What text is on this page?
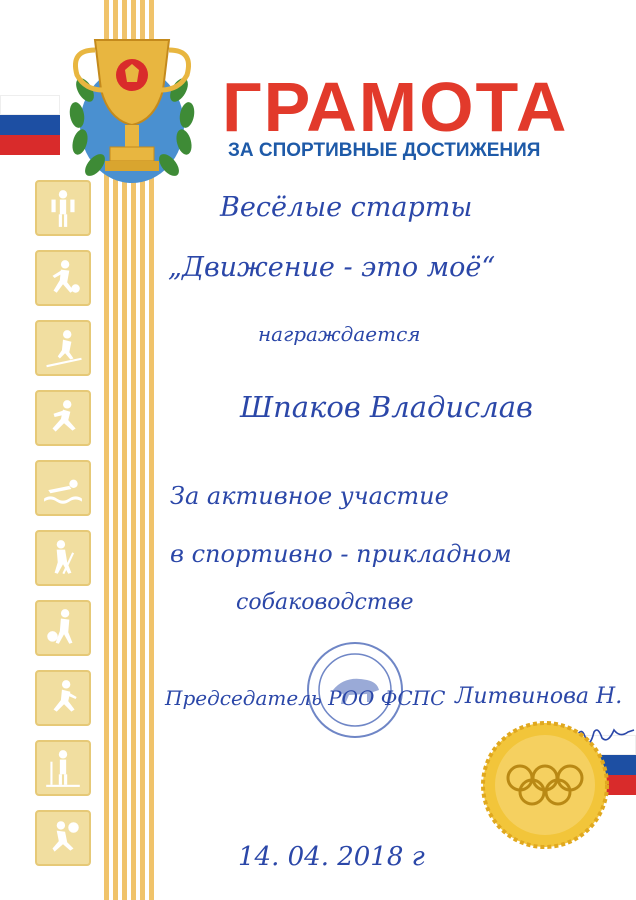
ГРАМОТА
ЗА СПОРТИВНЫЕ ДОСТИЖЕНИЯ
Весёлые старты
„Движение - это моё“
награждается
Шпаков Владислав
За активное участие
в спортивно - прикладном
собаководстве
Председатель РОО ФСПС Литвинова Н.
14. 04. 2018 г
